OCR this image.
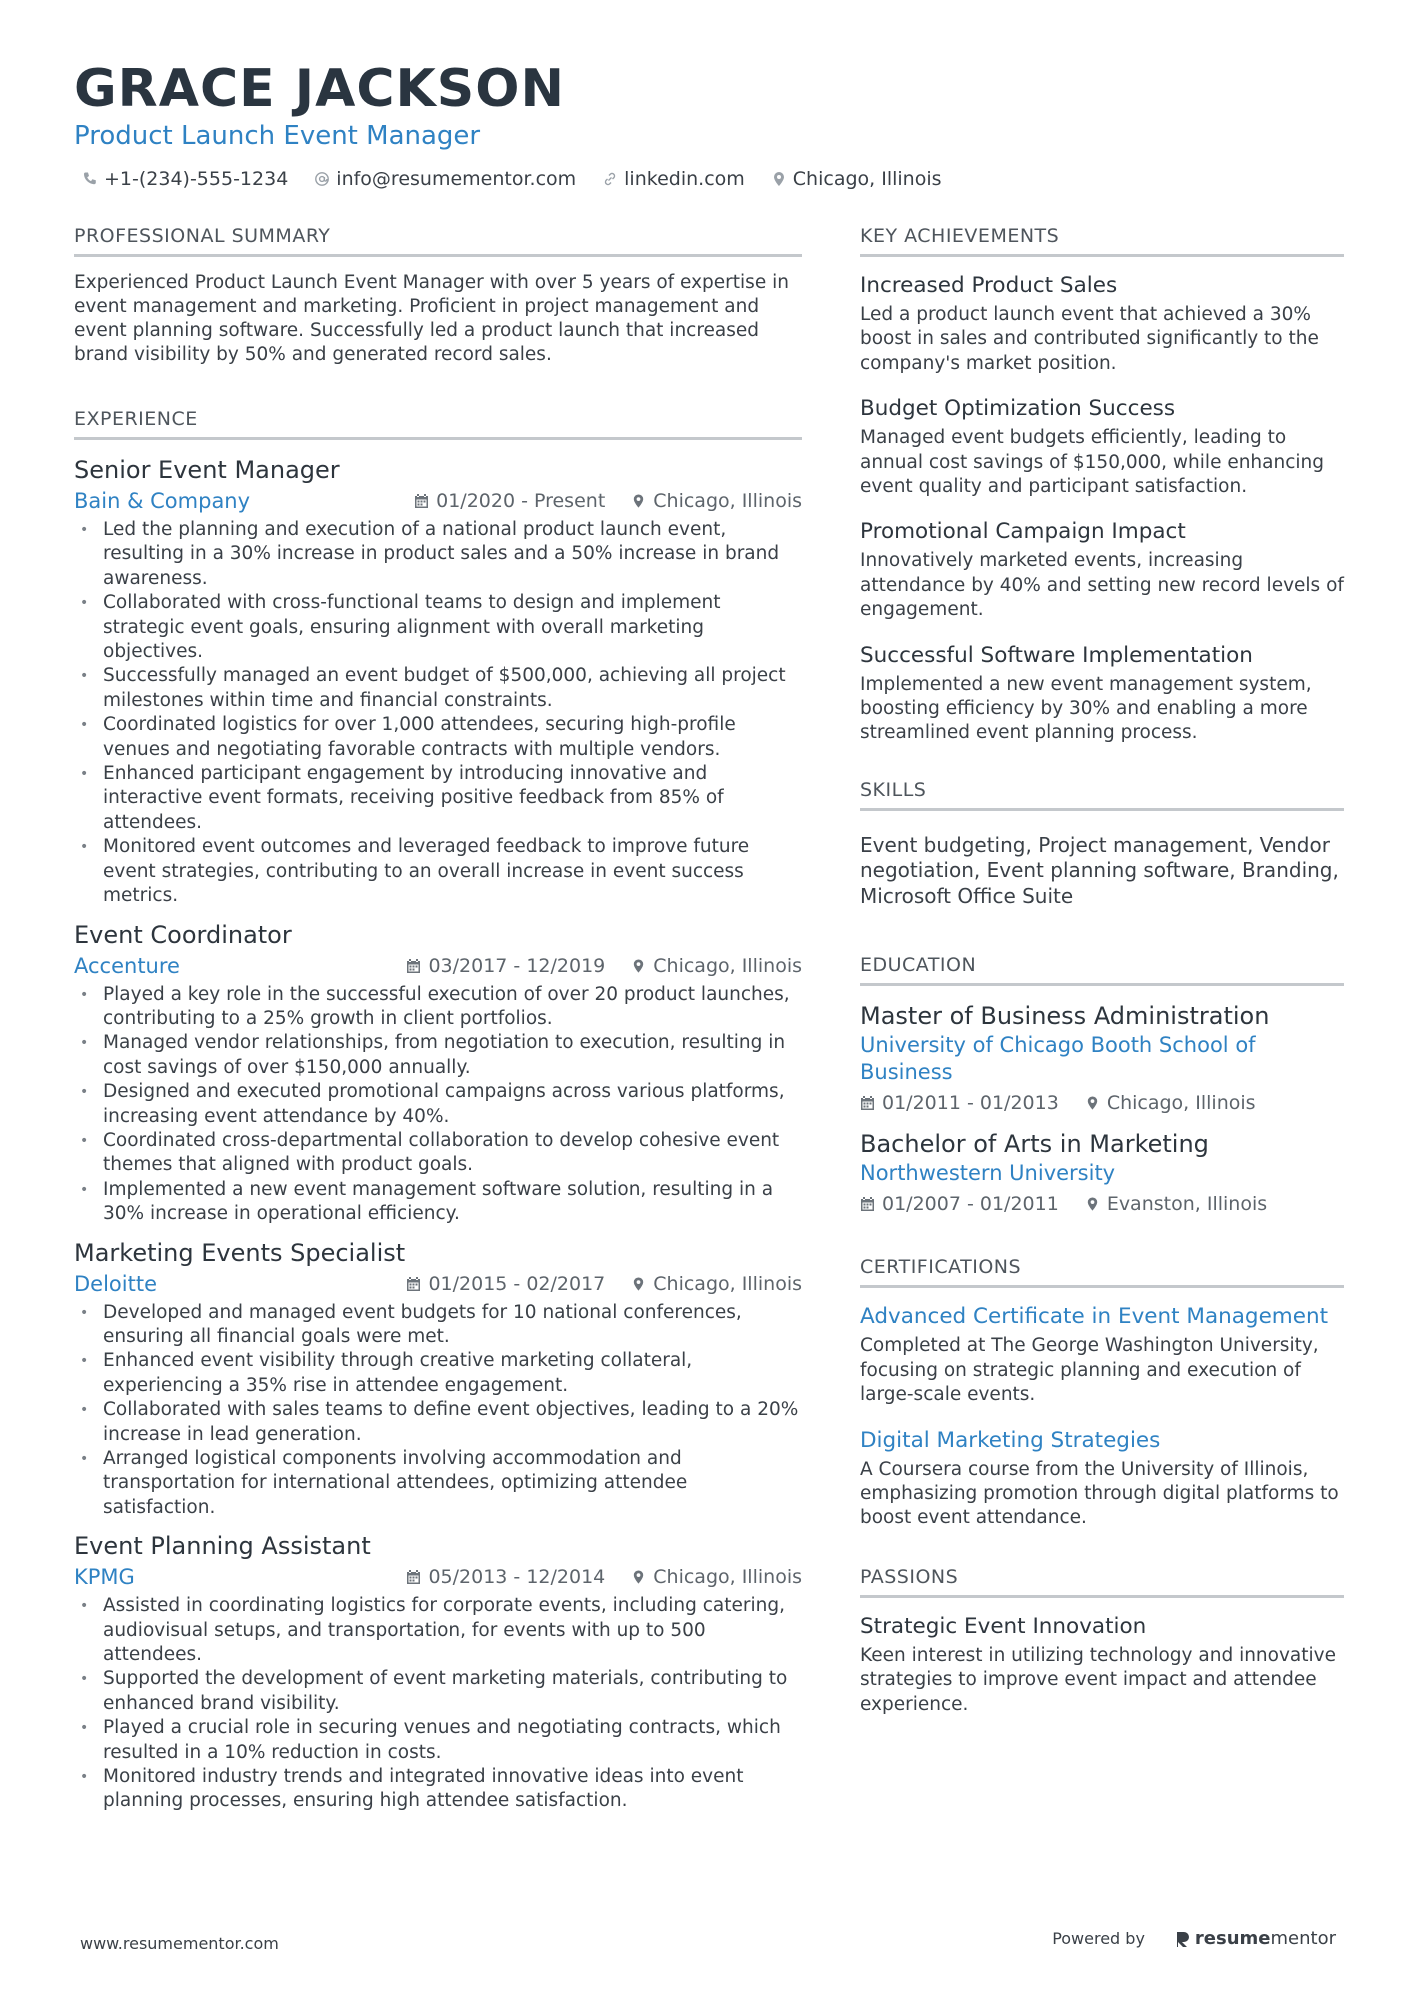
GRACE JACKSON
Product Launch Event Manager
+1-(234)-555-1234	info@resumementor.com	linkedin.com	Chicago, Illinois
PROFESSIONAL SUMMARY
Experienced Product Launch Event Manager with over 5 years of expertise in event management and marketing. Proficient in project management and event planning software. Successfully led a product launch that increased brand visibility by 50% and generated record sales.
EXPERIENCE
Senior Event Manager
Bain & Company	01/2020 - Present	Chicago, Illinois
• Led the planning and execution of a national product launch event, resulting in a 30% increase in product sales and a 50% increase in brand awareness.
• Collaborated with cross-functional teams to design and implement strategic event goals, ensuring alignment with overall marketing objectives.
• Successfully managed an event budget of $500,000, achieving all project milestones within time and financial constraints.
• Coordinated logistics for over 1,000 attendees, securing high-profile venues and negotiating favorable contracts with multiple vendors.
• Enhanced participant engagement by introducing innovative and interactive event formats, receiving positive feedback from 85% of attendees.
• Monitored event outcomes and leveraged feedback to improve future event strategies, contributing to an overall increase in event success metrics.
Event Coordinator
Accenture	03/2017 - 12/2019	Chicago, Illinois
• Played a key role in the successful execution of over 20 product launches, contributing to a 25% growth in client portfolios.
• Managed vendor relationships, from negotiation to execution, resulting in cost savings of over $150,000 annually.
• Designed and executed promotional campaigns across various platforms, increasing event attendance by 40%.
• Coordinated cross-departmental collaboration to develop cohesive event themes that aligned with product goals.
• Implemented a new event management software solution, resulting in a 30% increase in operational efficiency.
Marketing Events Specialist
Deloitte	01/2015 - 02/2017	Chicago, Illinois
• Developed and managed event budgets for 10 national conferences, ensuring all financial goals were met.
• Enhanced event visibility through creative marketing collateral, experiencing a 35% rise in attendee engagement.
• Collaborated with sales teams to define event objectives, leading to a 20% increase in lead generation.
• Arranged logistical components involving accommodation and transportation for international attendees, optimizing attendee satisfaction.
Event Planning Assistant
KPMG	05/2013 - 12/2014	Chicago, Illinois
• Assisted in coordinating logistics for corporate events, including catering, audiovisual setups, and transportation, for events with up to 500 attendees.
• Supported the development of event marketing materials, contributing to enhanced brand visibility.
• Played a crucial role in securing venues and negotiating contracts, which resulted in a 10% reduction in costs.
• Monitored industry trends and integrated innovative ideas into event planning processes, ensuring high attendee satisfaction.
KEY ACHIEVEMENTS
Increased Product Sales
Led a product launch event that achieved a 30% boost in sales and contributed significantly to the company's market position.
Budget Optimization Success
Managed event budgets efficiently, leading to annual cost savings of $150,000, while enhancing event quality and participant satisfaction.
Promotional Campaign Impact
Innovatively marketed events, increasing attendance by 40% and setting new record levels of engagement.
Successful Software Implementation
Implemented a new event management system, boosting efficiency by 30% and enabling a more streamlined event planning process.
SKILLS
Event budgeting, Project management, Vendor negotiation, Event planning software, Branding, Microsoft Office Suite
EDUCATION
Master of Business Administration
University of Chicago Booth School of Business
01/2011 - 01/2013	Chicago, Illinois
Bachelor of Arts in Marketing
Northwestern University
01/2007 - 01/2011	Evanston, Illinois
CERTIFICATIONS
Advanced Certificate in Event Management
Completed at The George Washington University, focusing on strategic planning and execution of large-scale events.
Digital Marketing Strategies
A Coursera course from the University of Illinois, emphasizing promotion through digital platforms to boost event attendance.
PASSIONS
Strategic Event Innovation
Keen interest in utilizing technology and innovative strategies to improve event impact and attendee experience.
www.resumementor.com	Powered by	resumementor
